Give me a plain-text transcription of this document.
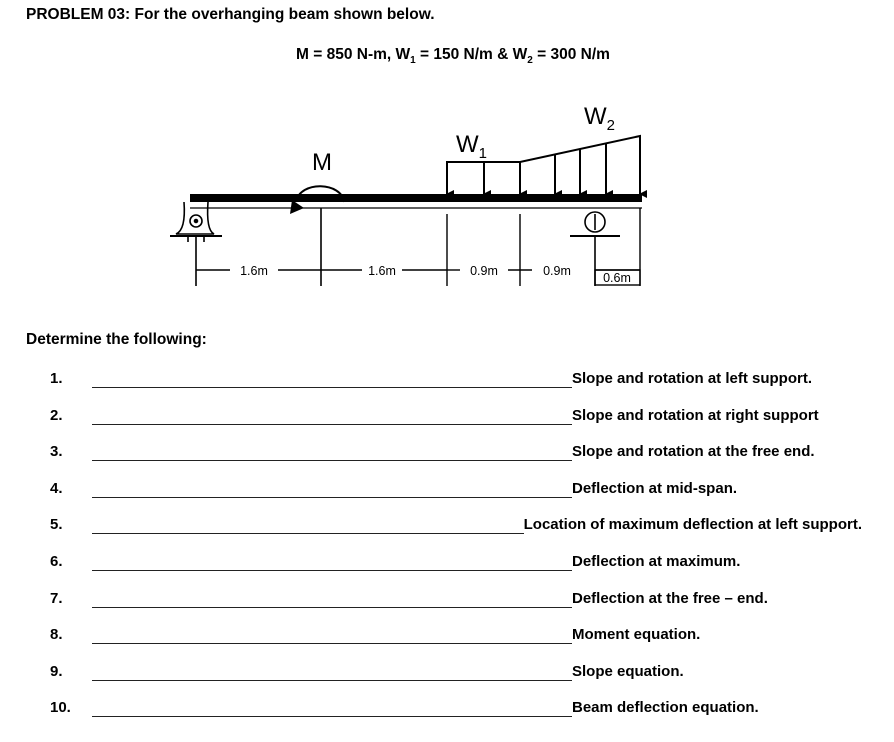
PROBLEM 03: For the overhanging beam shown below.
M = 850 N-m, $W_1 = 150$ N/m & $W_2 = 300$ N/m
M
$W_1$
$W_2$
1.6m	1.6m	0.9m	0.9m	0.6m
Determine the following:
1.	Slope and rotation at left support.
2.	Slope and rotation at right support
3.	Slope and rotation at the free end.
4.	Deflection at mid-span.
5.	Location of maximum deflection at left support.
6.	Deflection at maximum.
7.	Deflection at the free – end.
8.	Moment equation.
9.	Slope equation.
10.	Beam deflection equation.
